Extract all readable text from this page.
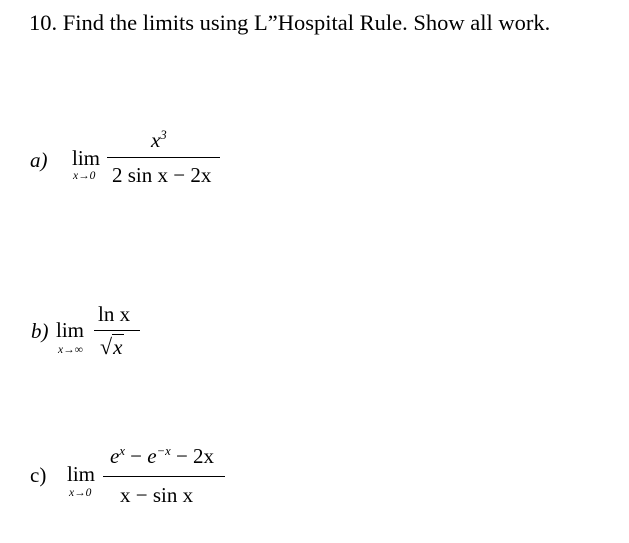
10. Find the limits using L”Hospital Rule. Show all work.
a) lim
x→0
$x^3$
2 sin x − 2x
b) lim
x→∞
ln x
√x
c) lim
x→0
$e^x - e^{-x} - 2x$
x − sin x
